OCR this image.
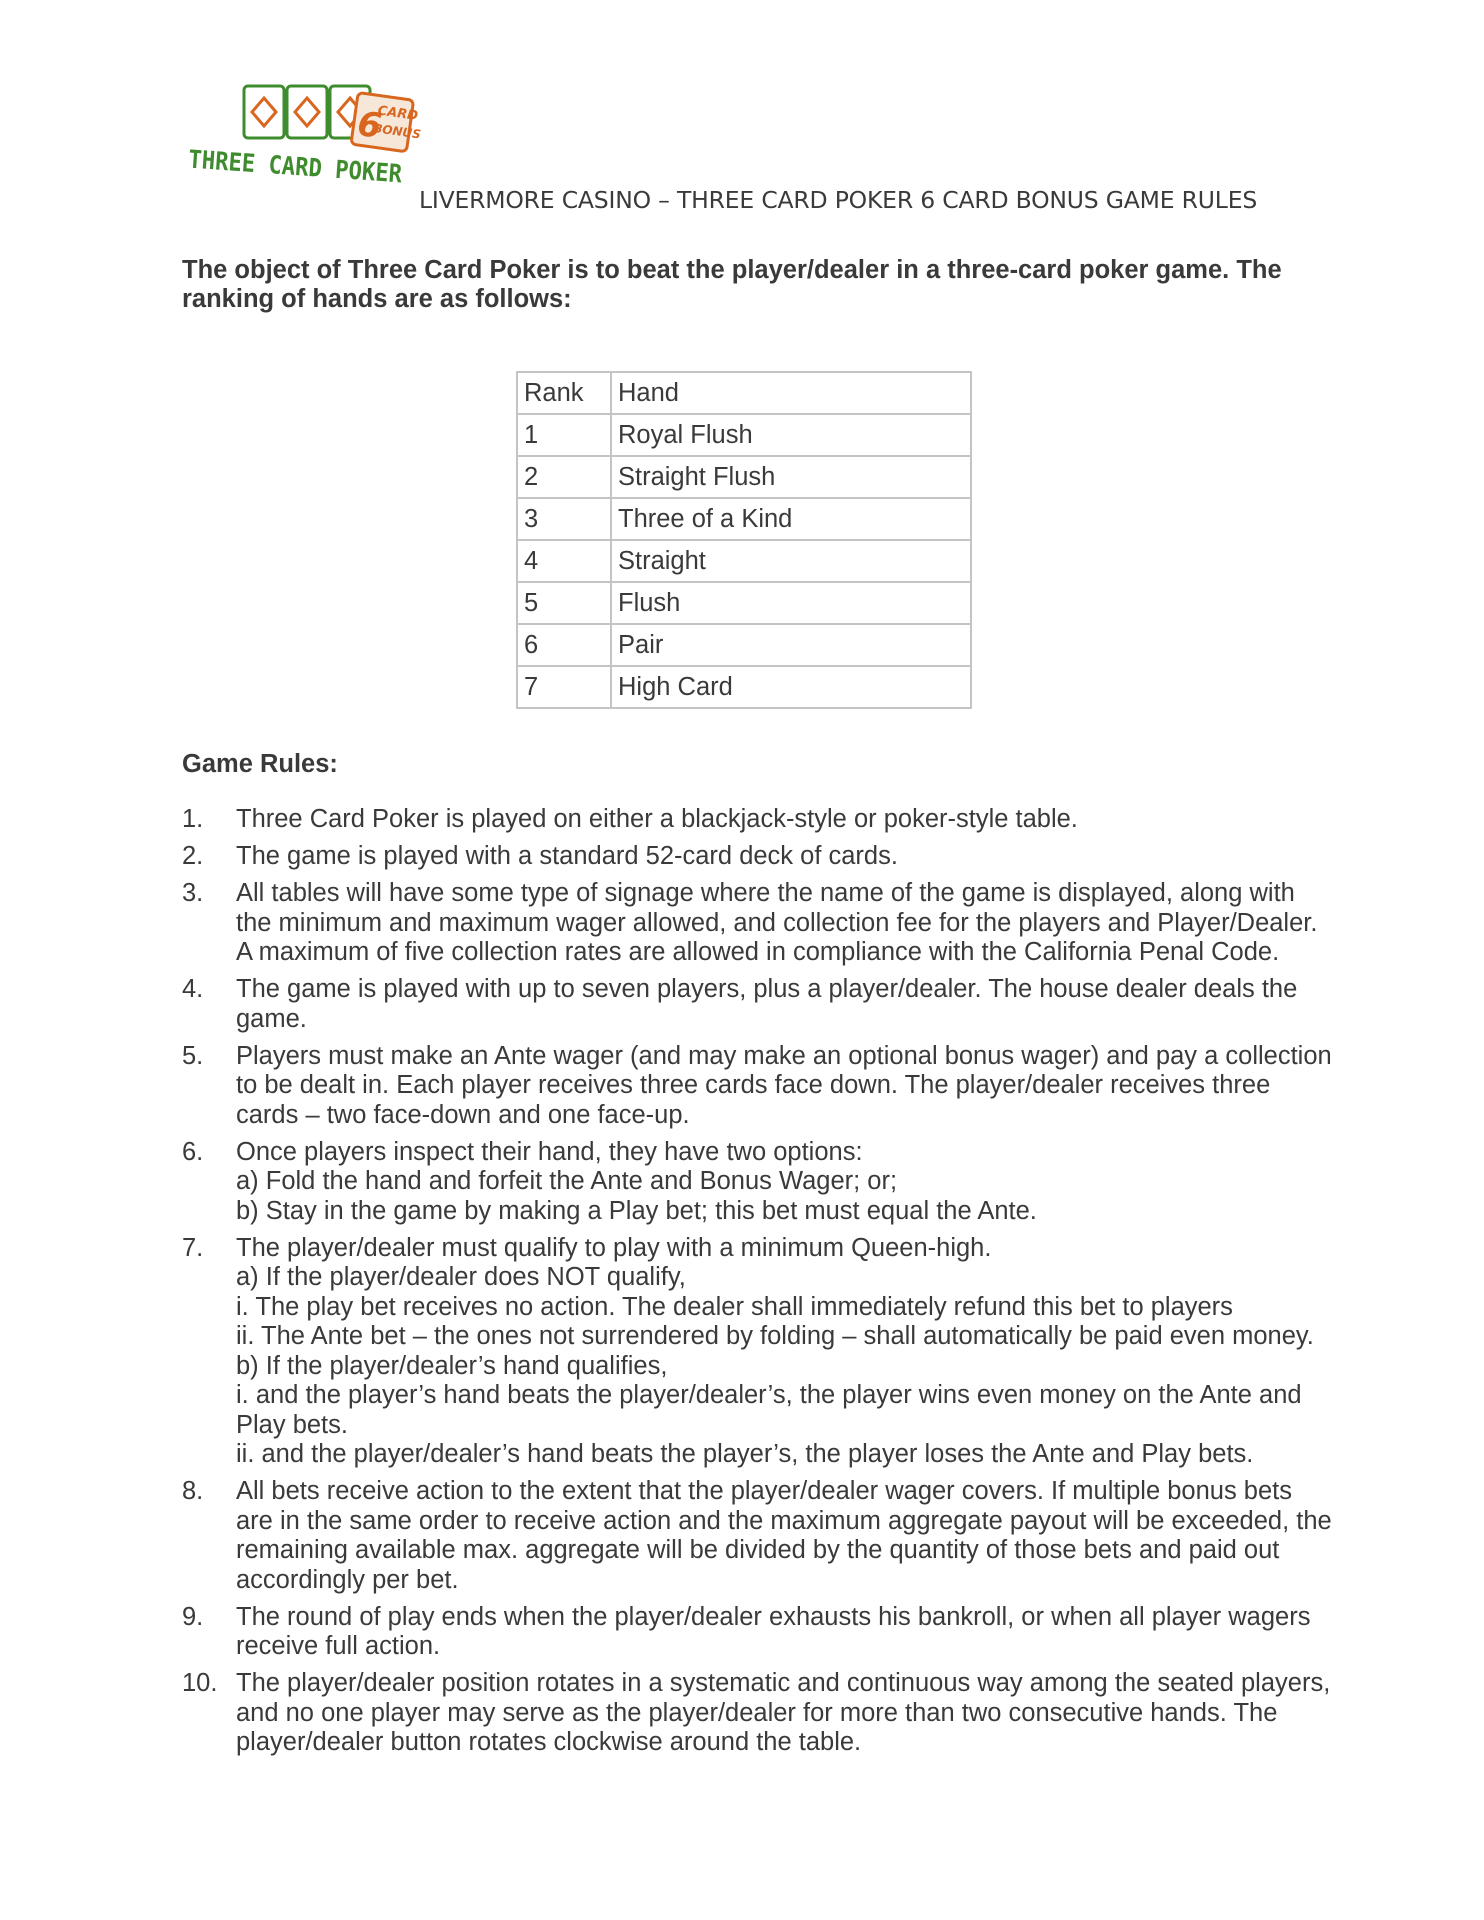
6
CARD
BONUS
THREE CARD POKER
LIVERMORE CASINO – THREE CARD POKER 6 CARD BONUS GAME RULES
The object of Three Card Poker is to beat the player/dealer in a three-card poker game. The ranking of hands are as follows:
Rank	Hand
1	Royal Flush
2	Straight Flush
3	Three of a Kind
4	Straight
5	Flush
6	Pair
7	High Card
Game Rules:
1. Three Card Poker is played on either a blackjack-style or poker-style table.
2. The game is played with a standard 52-card deck of cards.
3. All tables will have some type of signage where the name of the game is displayed, along with the minimum and maximum wager allowed, and collection fee for the players and Player/Dealer. A maximum of five collection rates are allowed in compliance with the California Penal Code.
4. The game is played with up to seven players, plus a player/dealer. The house dealer deals the game.
5. Players must make an Ante wager (and may make an optional bonus wager) and pay a collection to be dealt in. Each player receives three cards face down. The player/dealer receives three cards – two face-down and one face-up.
6. Once players inspect their hand, they have two options:
a) Fold the hand and forfeit the Ante and Bonus Wager; or;
b) Stay in the game by making a Play bet; this bet must equal the Ante.
7. The player/dealer must qualify to play with a minimum Queen-high.
a) If the player/dealer does NOT qualify,
i. The play bet receives no action. The dealer shall immediately refund this bet to players
ii. The Ante bet – the ones not surrendered by folding – shall automatically be paid even money.
b) If the player/dealer’s hand qualifies,
i. and the player’s hand beats the player/dealer’s, the player wins even money on the Ante and Play bets.
ii. and the player/dealer’s hand beats the player’s, the player loses the Ante and Play bets.
8. All bets receive action to the extent that the player/dealer wager covers. If multiple bonus bets are in the same order to receive action and the maximum aggregate payout will be exceeded, the remaining available max. aggregate will be divided by the quantity of those bets and paid out accordingly per bet.
9. The round of play ends when the player/dealer exhausts his bankroll, or when all player wagers receive full action.
10. The player/dealer position rotates in a systematic and continuous way among the seated players, and no one player may serve as the player/dealer for more than two consecutive hands. The player/dealer button rotates clockwise around the table.
